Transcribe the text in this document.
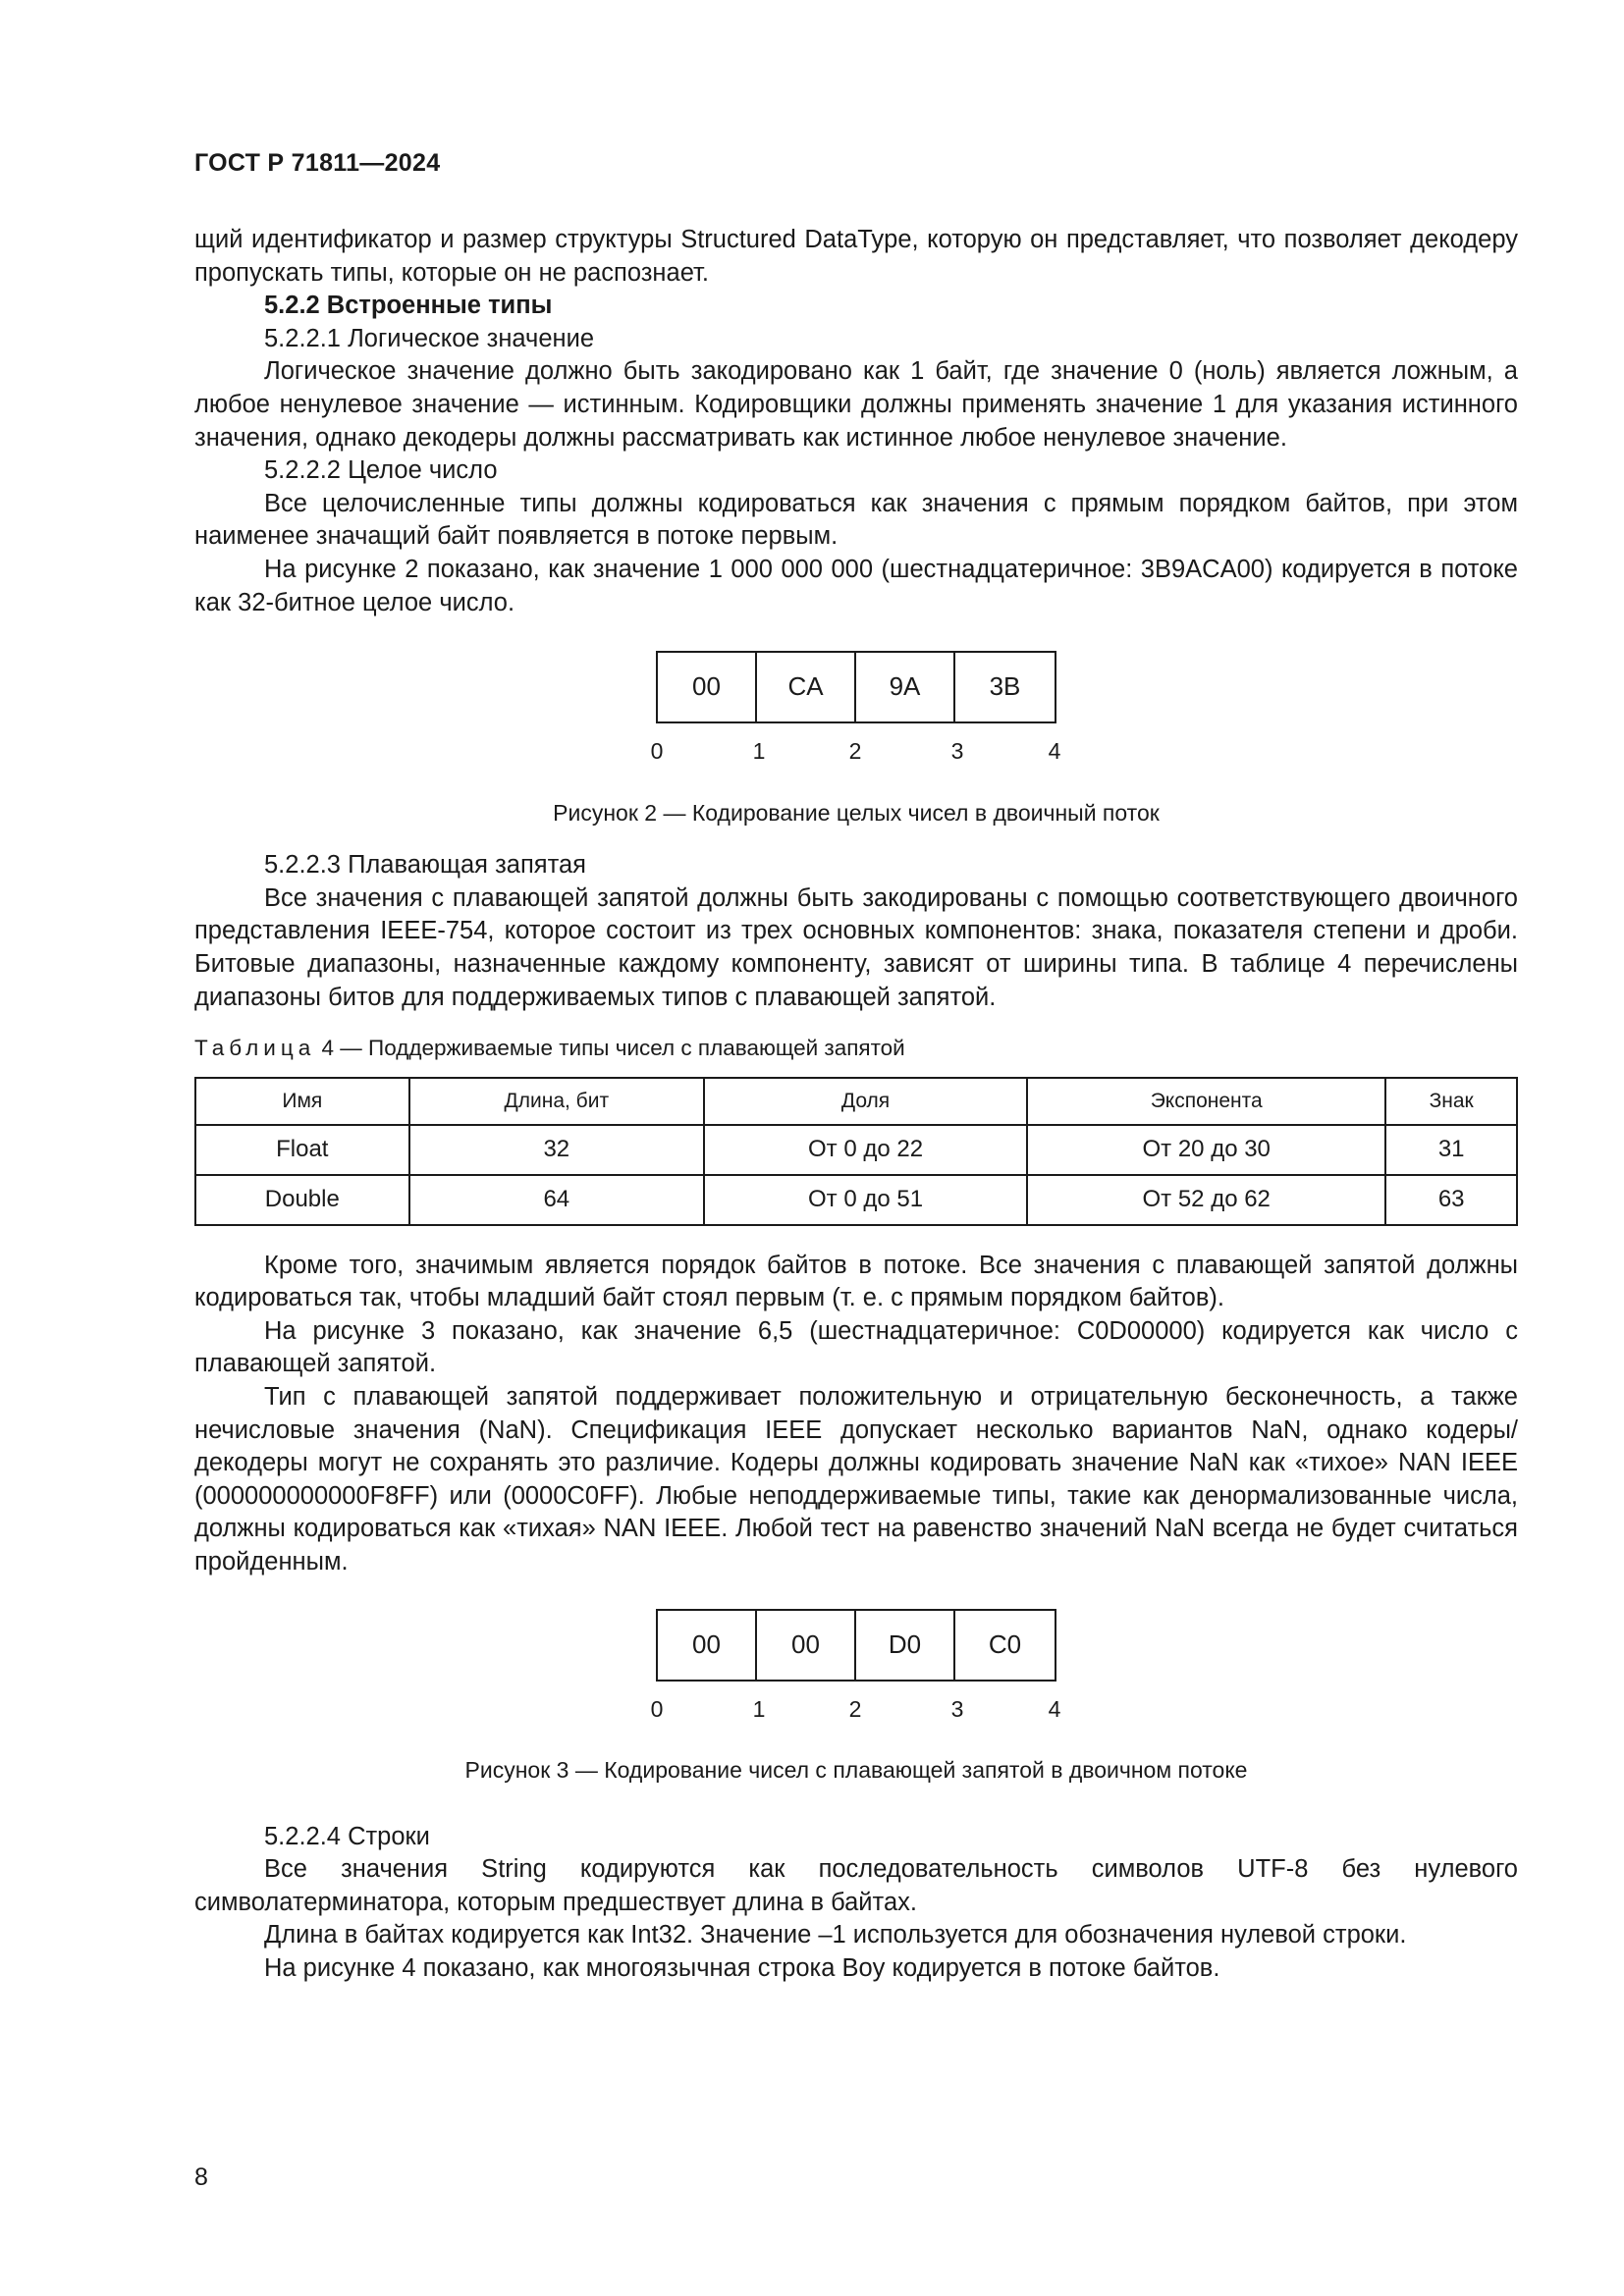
ГОСТ Р 71811—2024

щий идентификатор и размер структуры Structured DataType, которую он представляет, что позволяет декодеру пропускать типы, которые он не распознает.

5.2.2 Встроенные типы

5.2.2.1 Логическое значение

Логическое значение должно быть закодировано как 1 байт, где значение 0 (ноль) является ложным, а любое ненулевое значение — истинным. Кодировщики должны применять значение 1 для указания истинного значения, однако декодеры должны рассматривать как истинное любое ненулевое значение.

5.2.2.2 Целое число

Все целочисленные типы должны кодироваться как значения с прямым порядком байтов, при этом наименее значащий байт появляется в потоке первым.

На рисунке 2 показано, как значение 1 000 000 000 (шестнадцатеричное: 3B9ACA00) кодируется в потоке как 32-битное целое число.

00	CA	9A	3B
0	1	2	3	4
Рисунок 2 — Кодирование целых чисел в двоичный поток

5.2.2.3 Плавающая запятая

Все значения с плавающей запятой должны быть закодированы с помощью соответствующего двоичного представления IEEE-754, которое состоит из трех основных компонентов: знака, показателя степени и дроби. Битовые диапазоны, назначенные каждому компоненту, зависят от ширины типа. В таблице 4 перечислены диапазоны битов для поддерживаемых типов с плавающей запятой.

Таблица 4 — Поддерживаемые типы чисел с плавающей запятой
Имя	Длина, бит	Доля	Экспонента	Знак
Float	32	От 0 до 22	От 20 до 30	31
Double	64	От 0 до 51	От 52 до 62	63

Кроме того, значимым является порядок байтов в потоке. Все значения с плавающей запятой должны кодироваться так, чтобы младший байт стоял первым (т. е. с прямым порядком байтов).

На рисунке 3 показано, как значение 6,5 (шестнадцатеричное: C0D00000) кодируется как число с плавающей запятой.

Тип с плавающей запятой поддерживает положительную и отрицательную бесконечность, а также нечисловые значения (NaN). Спецификация IEEE допускает несколько вариантов NaN, однако кодеры/ декодеры могут не сохранять это различие. Кодеры должны кодировать значение NaN как «тихое» NAN IEEE (000000000000F8FF) или (0000C0FF). Любые неподдерживаемые типы, такие как денормализованные числа, должны кодироваться как «тихая» NAN IEEE. Любой тест на равенство значений NaN всегда не будет считаться пройденным.

00	00	D0	C0
0	1	2	3	4
Рисунок 3 — Кодирование чисел с плавающей запятой в двоичном потоке

5.2.2.4 Строки

Все значения String кодируются как последовательность символов UTF-8 без нулевого символатерминатора, которым предшествует длина в байтах.

Длина в байтах кодируется как Int32. Значение –1 используется для обозначения нулевой строки.

На рисунке 4 показано, как многоязычная строка Boy кодируется в потоке байтов.

8
